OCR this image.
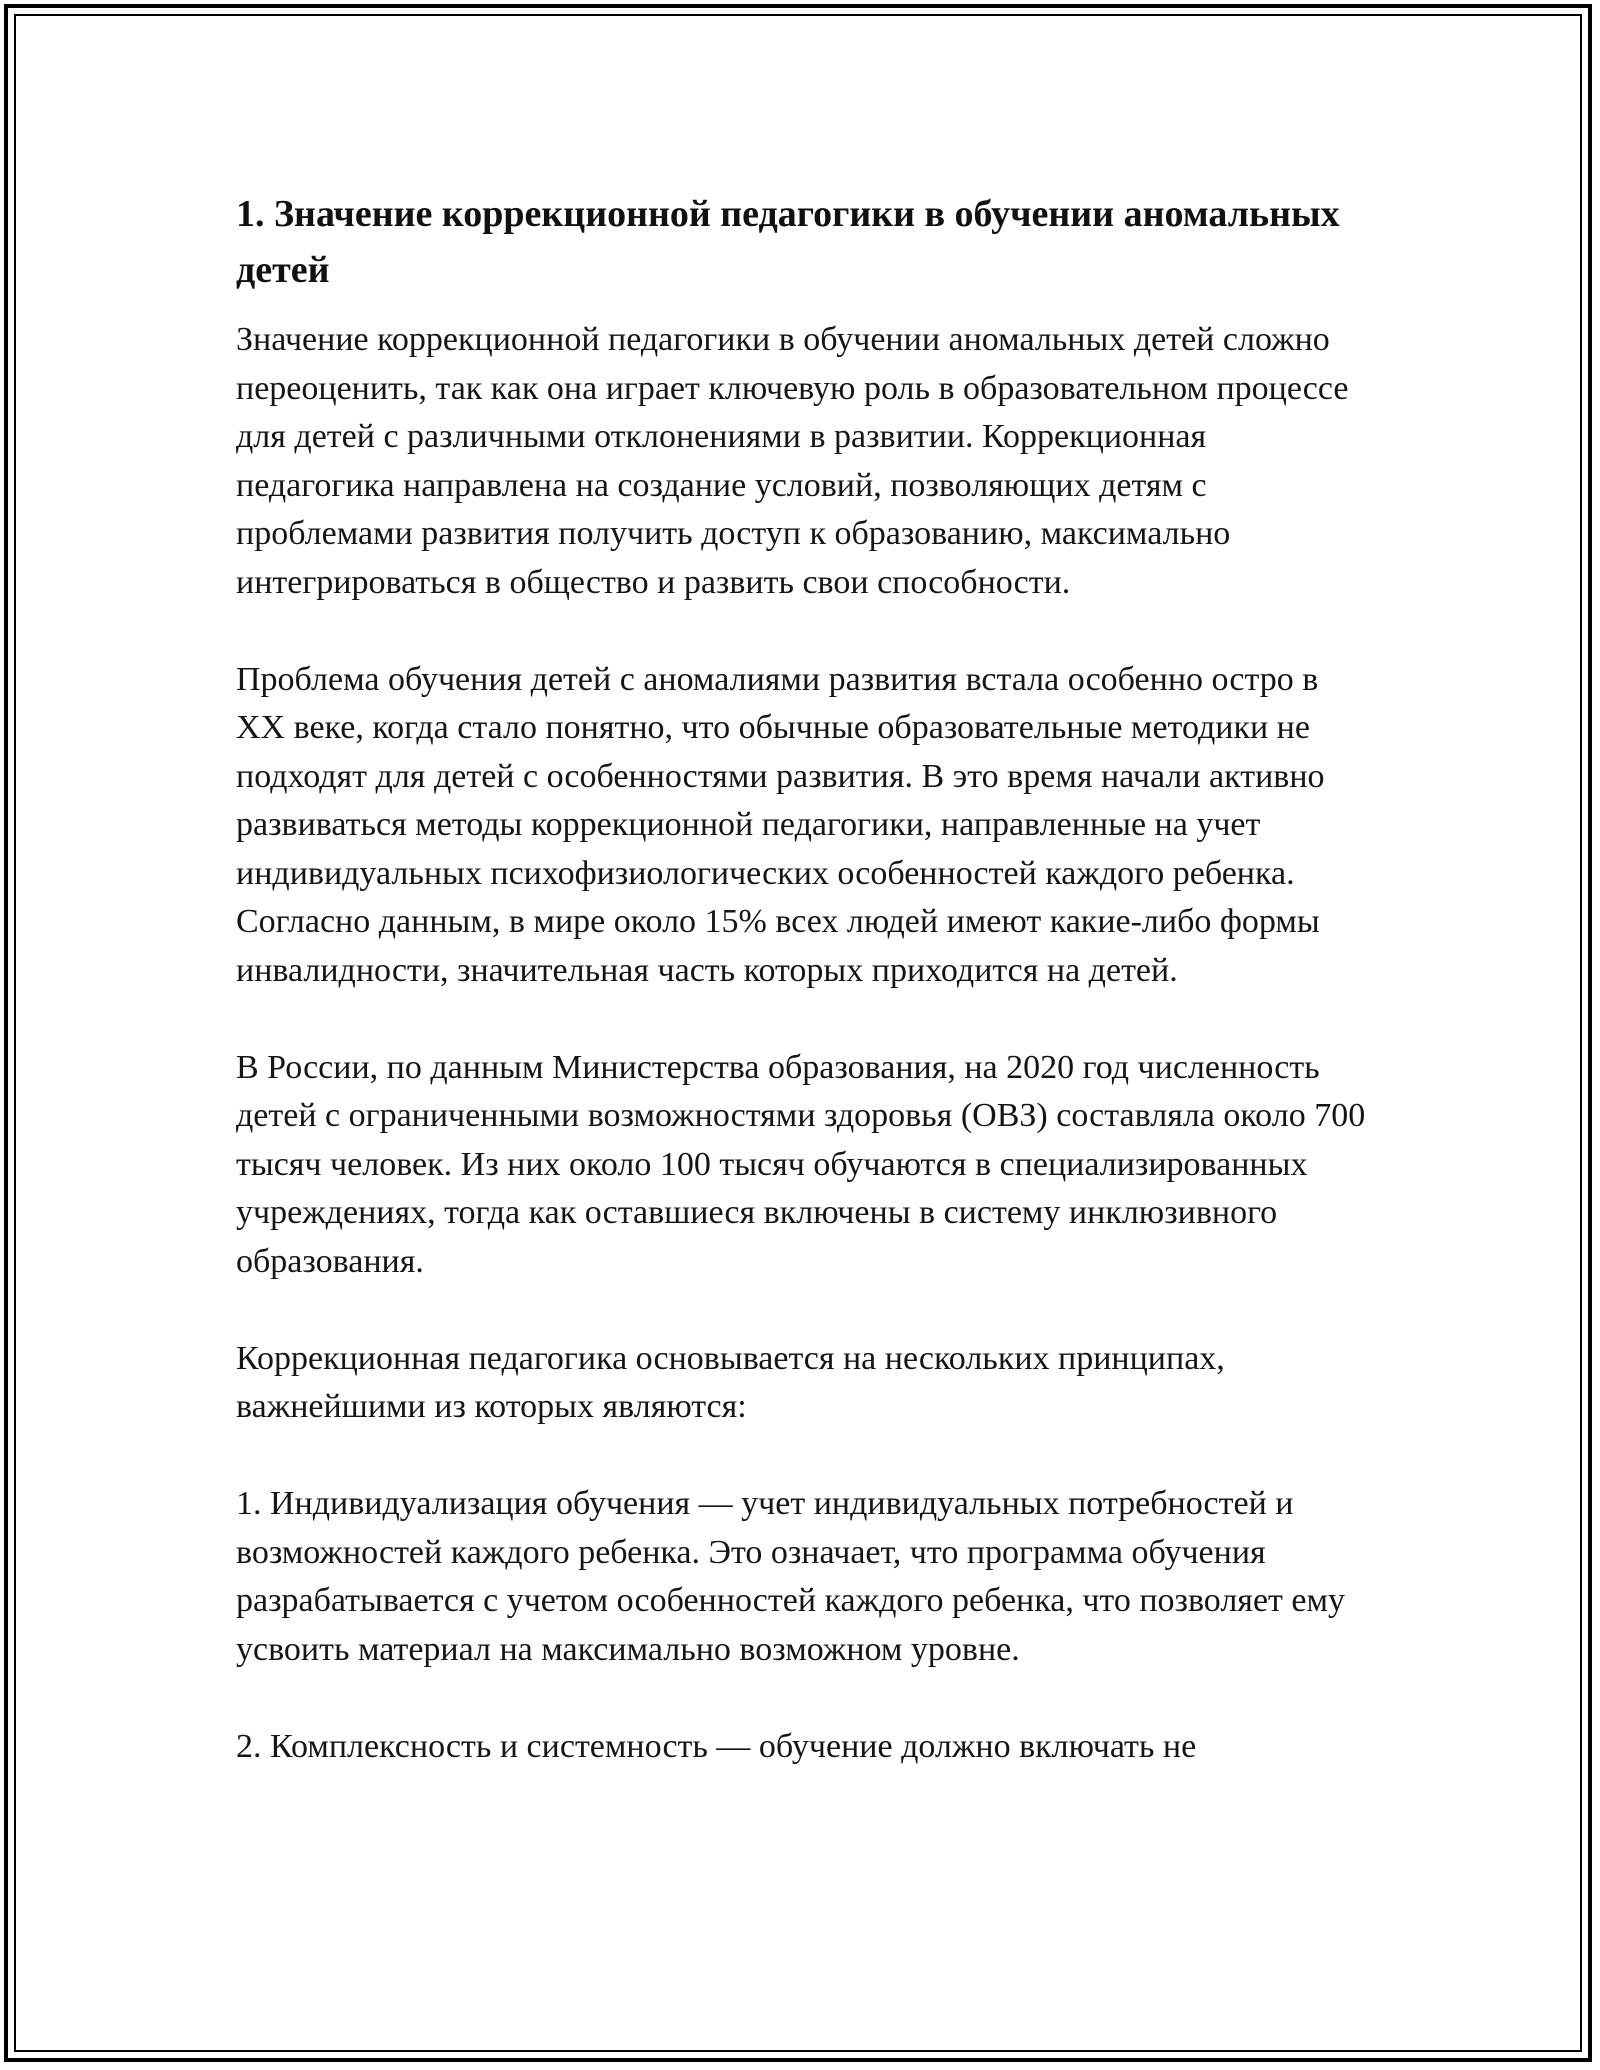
1. Значение коррекционной педагогики в обучении аномальных детей

Значение коррекционной педагогики в обучении аномальных детей сложно переоценить, так как она играет ключевую роль в образовательном процессе для детей с различными отклонениями в развитии. Коррекционная педагогика направлена на создание условий, позволяющих детям с проблемами развития получить доступ к образованию, максимально интегрироваться в общество и развить свои способности.

Проблема обучения детей с аномалиями развития встала особенно остро в XX веке, когда стало понятно, что обычные образовательные методики не подходят для детей с особенностями развития. В это время начали активно развиваться методы коррекционной педагогики, направленные на учет индивидуальных психофизиологических особенностей каждого ребенка. Согласно данным, в мире около 15% всех людей имеют какие-либо формы инвалидности, значительная часть которых приходится на детей.

В России, по данным Министерства образования, на 2020 год численность детей с ограниченными возможностями здоровья (ОВЗ) составляла около 700 тысяч человек. Из них около 100 тысяч обучаются в специализированных учреждениях, тогда как оставшиеся включены в систему инклюзивного образования.

Коррекционная педагогика основывается на нескольких принципах, важнейшими из которых являются:

1. Индивидуализация обучения — учет индивидуальных потребностей и возможностей каждого ребенка. Это означает, что программа обучения разрабатывается с учетом особенностей каждого ребенка, что позволяет ему усвоить материал на максимально возможном уровне.

2. Комплексность и системность — обучение должно включать не
